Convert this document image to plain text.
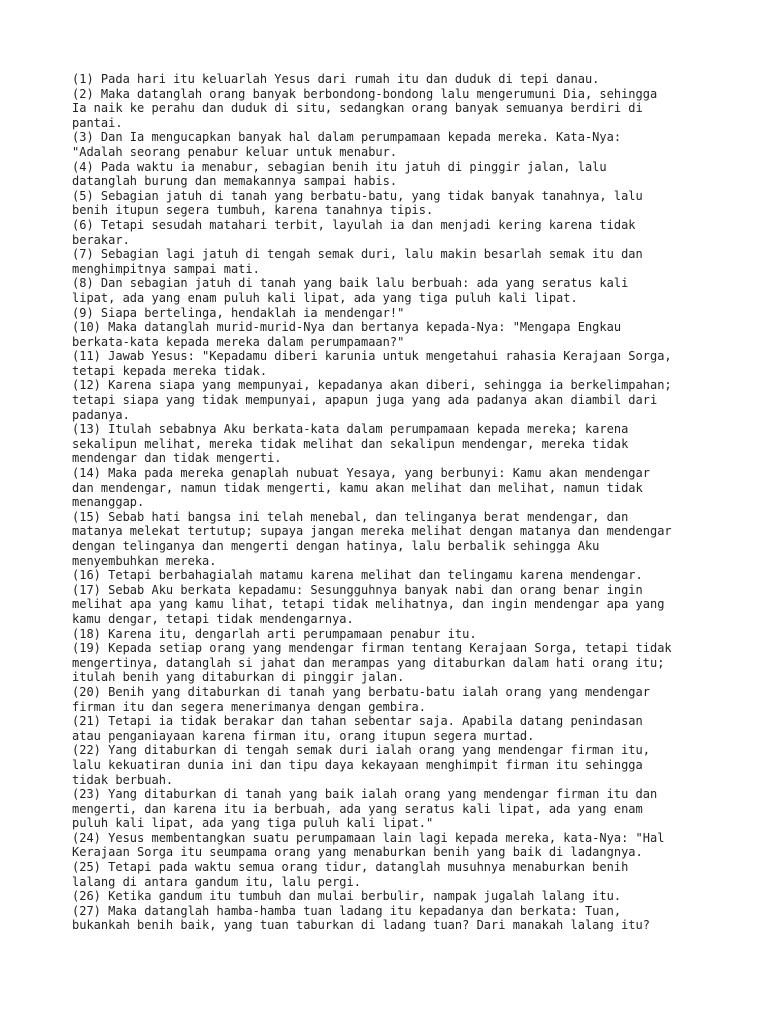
(1) Pada hari itu keluarlah Yesus dari rumah itu dan duduk di tepi danau.

(2) Maka datanglah orang banyak berbondong-bondong lalu mengerumuni Dia, sehingga

Ia naik ke perahu dan duduk di situ, sedangkan orang banyak semuanya berdiri di

pantai.

(3) Dan Ia mengucapkan banyak hal dalam perumpamaan kepada mereka. Kata-Nya:

"Adalah seorang penabur keluar untuk menabur.

(4) Pada waktu ia menabur, sebagian benih itu jatuh di pinggir jalan, lalu

datanglah burung dan memakannya sampai habis.

(5) Sebagian jatuh di tanah yang berbatu-batu, yang tidak banyak tanahnya, lalu

benih itupun segera tumbuh, karena tanahnya tipis.

(6) Tetapi sesudah matahari terbit, layulah ia dan menjadi kering karena tidak

berakar.

(7) Sebagian lagi jatuh di tengah semak duri, lalu makin besarlah semak itu dan

menghimpitnya sampai mati.

(8) Dan sebagian jatuh di tanah yang baik lalu berbuah: ada yang seratus kali

lipat, ada yang enam puluh kali lipat, ada yang tiga puluh kali lipat.

(9) Siapa bertelinga, hendaklah ia mendengar!"

(10) Maka datanglah murid-murid-Nya dan bertanya kepada-Nya: "Mengapa Engkau

berkata-kata kepada mereka dalam perumpamaan?"

(11) Jawab Yesus: "Kepadamu diberi karunia untuk mengetahui rahasia Kerajaan Sorga,

tetapi kepada mereka tidak.

(12) Karena siapa yang mempunyai, kepadanya akan diberi, sehingga ia berkelimpahan;

tetapi siapa yang tidak mempunyai, apapun juga yang ada padanya akan diambil dari

padanya.

(13) Itulah sebabnya Aku berkata-kata dalam perumpamaan kepada mereka; karena

sekalipun melihat, mereka tidak melihat dan sekalipun mendengar, mereka tidak

mendengar dan tidak mengerti.

(14) Maka pada mereka genaplah nubuat Yesaya, yang berbunyi: Kamu akan mendengar

dan mendengar, namun tidak mengerti, kamu akan melihat dan melihat, namun tidak

menanggap.

(15) Sebab hati bangsa ini telah menebal, dan telinganya berat mendengar, dan

matanya melekat tertutup; supaya jangan mereka melihat dengan matanya dan mendengar

dengan telinganya dan mengerti dengan hatinya, lalu berbalik sehingga Aku

menyembuhkan mereka.

(16) Tetapi berbahagialah matamu karena melihat dan telingamu karena mendengar.

(17) Sebab Aku berkata kepadamu: Sesungguhnya banyak nabi dan orang benar ingin

melihat apa yang kamu lihat, tetapi tidak melihatnya, dan ingin mendengar apa yang

kamu dengar, tetapi tidak mendengarnya.

(18) Karena itu, dengarlah arti perumpamaan penabur itu.

(19) Kepada setiap orang yang mendengar firman tentang Kerajaan Sorga, tetapi tidak

mengertinya, datanglah si jahat dan merampas yang ditaburkan dalam hati orang itu;

itulah benih yang ditaburkan di pinggir jalan.

(20) Benih yang ditaburkan di tanah yang berbatu-batu ialah orang yang mendengar

firman itu dan segera menerimanya dengan gembira.

(21) Tetapi ia tidak berakar dan tahan sebentar saja. Apabila datang penindasan

atau penganiayaan karena firman itu, orang itupun segera murtad.

(22) Yang ditaburkan di tengah semak duri ialah orang yang mendengar firman itu,

lalu kekuatiran dunia ini dan tipu daya kekayaan menghimpit firman itu sehingga

tidak berbuah.

(23) Yang ditaburkan di tanah yang baik ialah orang yang mendengar firman itu dan

mengerti, dan karena itu ia berbuah, ada yang seratus kali lipat, ada yang enam

puluh kali lipat, ada yang tiga puluh kali lipat."

(24) Yesus membentangkan suatu perumpamaan lain lagi kepada mereka, kata-Nya: "Hal

Kerajaan Sorga itu seumpama orang yang menaburkan benih yang baik di ladangnya.

(25) Tetapi pada waktu semua orang tidur, datanglah musuhnya menaburkan benih

lalang di antara gandum itu, lalu pergi.

(26) Ketika gandum itu tumbuh dan mulai berbulir, nampak jugalah lalang itu.

(27) Maka datanglah hamba-hamba tuan ladang itu kepadanya dan berkata: Tuan,

bukankah benih baik, yang tuan taburkan di ladang tuan? Dari manakah lalang itu?
